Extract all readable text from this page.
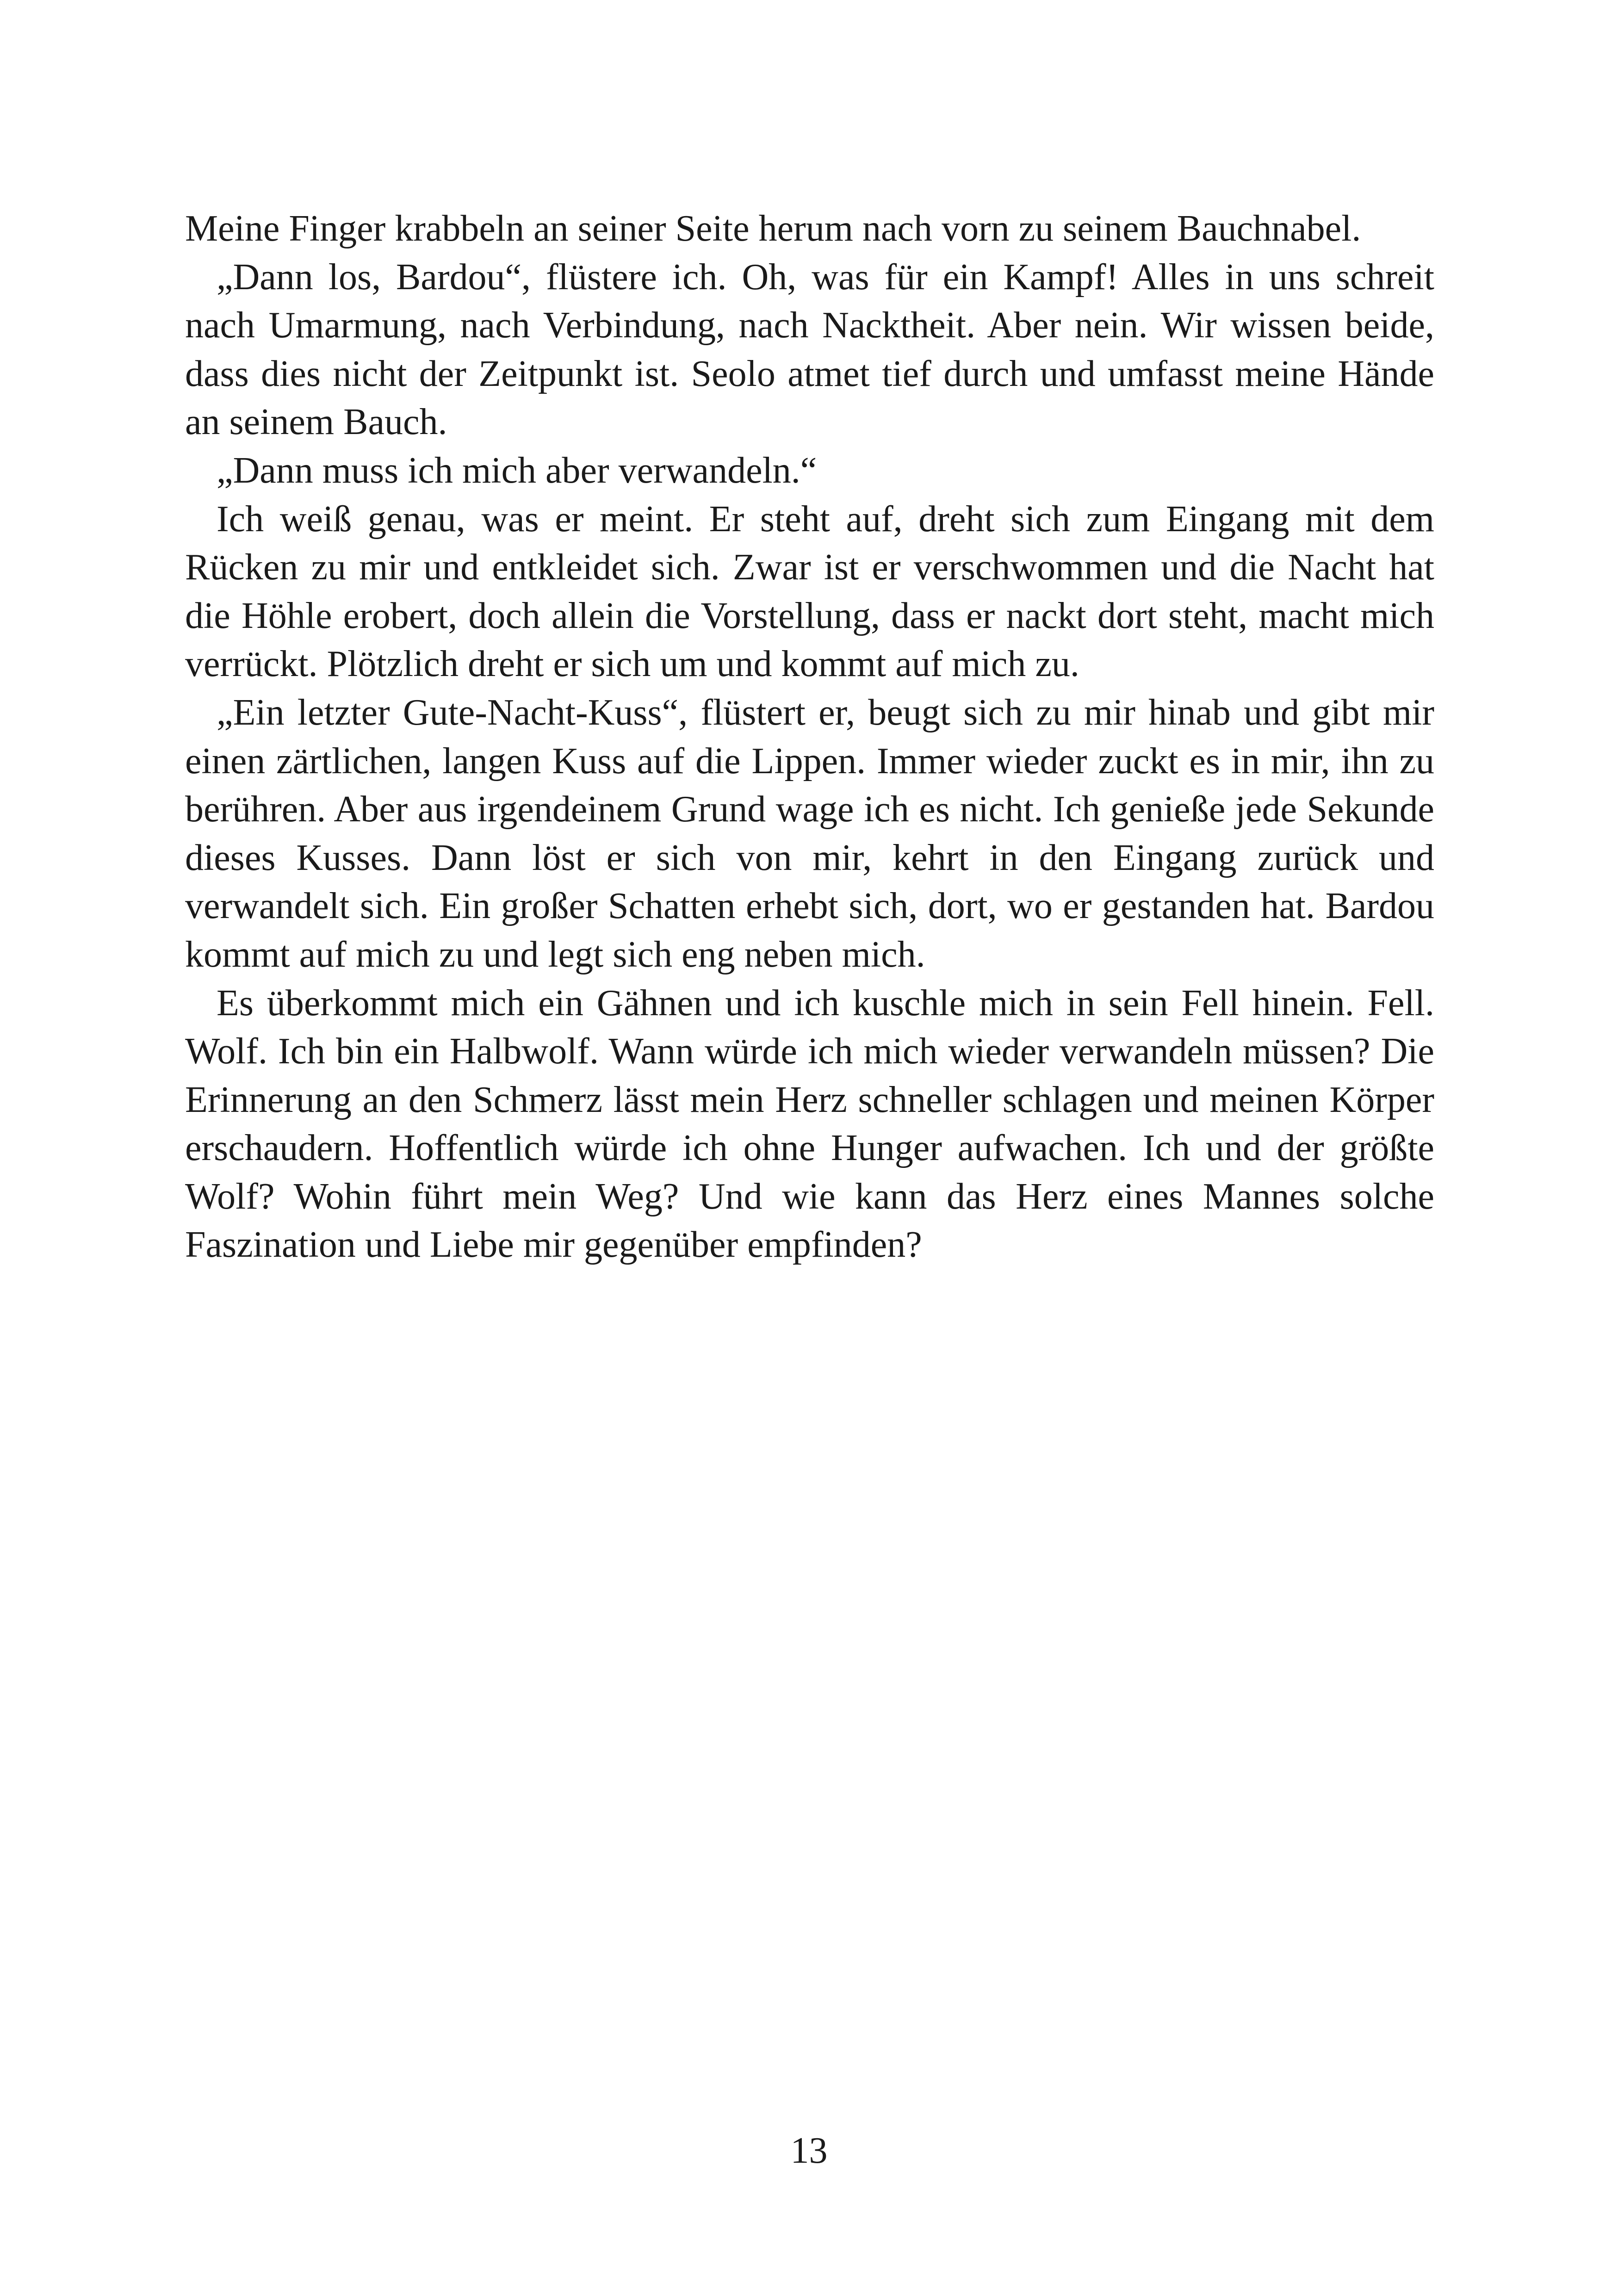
Meine Finger krabbeln an seiner Seite herum nach vorn zu seinem Bauchnabel.

„Dann los, Bardou“, flüstere ich. Oh, was für ein Kampf! Alles in uns schreit nach Umarmung, nach Verbindung, nach Nacktheit. Aber nein. Wir wissen beide, dass dies nicht der Zeitpunkt ist. Seolo atmet tief durch und umfasst meine Hände an seinem Bauch.

„Dann muss ich mich aber verwandeln.“

Ich weiß genau, was er meint. Er steht auf, dreht sich zum Eingang mit dem Rücken zu mir und entkleidet sich. Zwar ist er verschwommen und die Nacht hat die Höhle erobert, doch allein die Vorstellung, dass er nackt dort steht, macht mich verrückt. Plötzlich dreht er sich um und kommt auf mich zu.

„Ein letzter Gute-Nacht-Kuss“, flüstert er, beugt sich zu mir hinab und gibt mir einen zärtlichen, langen Kuss auf die Lippen. Immer wieder zuckt es in mir, ihn zu berühren. Aber aus irgendeinem Grund wage ich es nicht. Ich genieße jede Sekunde dieses Kusses. Dann löst er sich von mir, kehrt in den Eingang zurück und verwandelt sich. Ein großer Schatten erhebt sich, dort, wo er gestanden hat. Bardou kommt auf mich zu und legt sich eng neben mich.

Es überkommt mich ein Gähnen und ich kuschle mich in sein Fell hinein. Fell. Wolf. Ich bin ein Halbwolf. Wann würde ich mich wieder verwandeln müssen? Die Erinnerung an den Schmerz lässt mein Herz schneller schlagen und meinen Körper erschaudern. Hoffentlich würde ich ohne Hunger aufwachen. Ich und der größte Wolf? Wohin führt mein Weg? Und wie kann das Herz eines Mannes solche Faszination und Liebe mir gegenüber empfinden?

13
